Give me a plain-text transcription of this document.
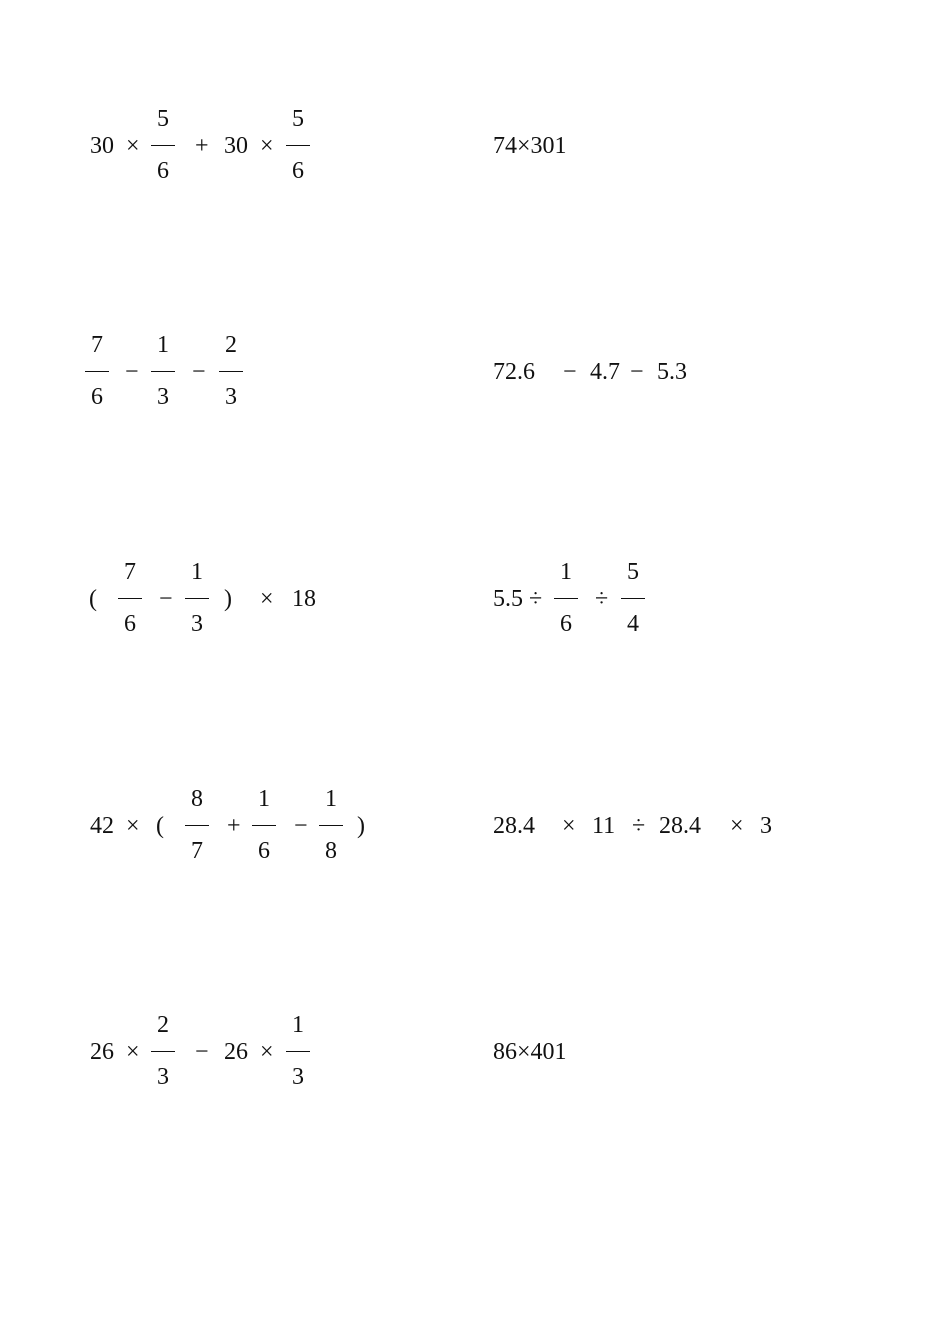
30 ×
5
6
+ 30 ×
5
6
74×301
7
6
−
1
3
−
2
3
72.6 − 4.7 − 5.3
(
7
6
−
1
3
) × 18	5.5 ÷
1
6
÷
5
4
42 × (
8
7
+
1
6
−
1
8
)	28.4 × 11 ÷ 28.4 × 3
26 ×
2
3
− 26 ×
1
3
86×401
